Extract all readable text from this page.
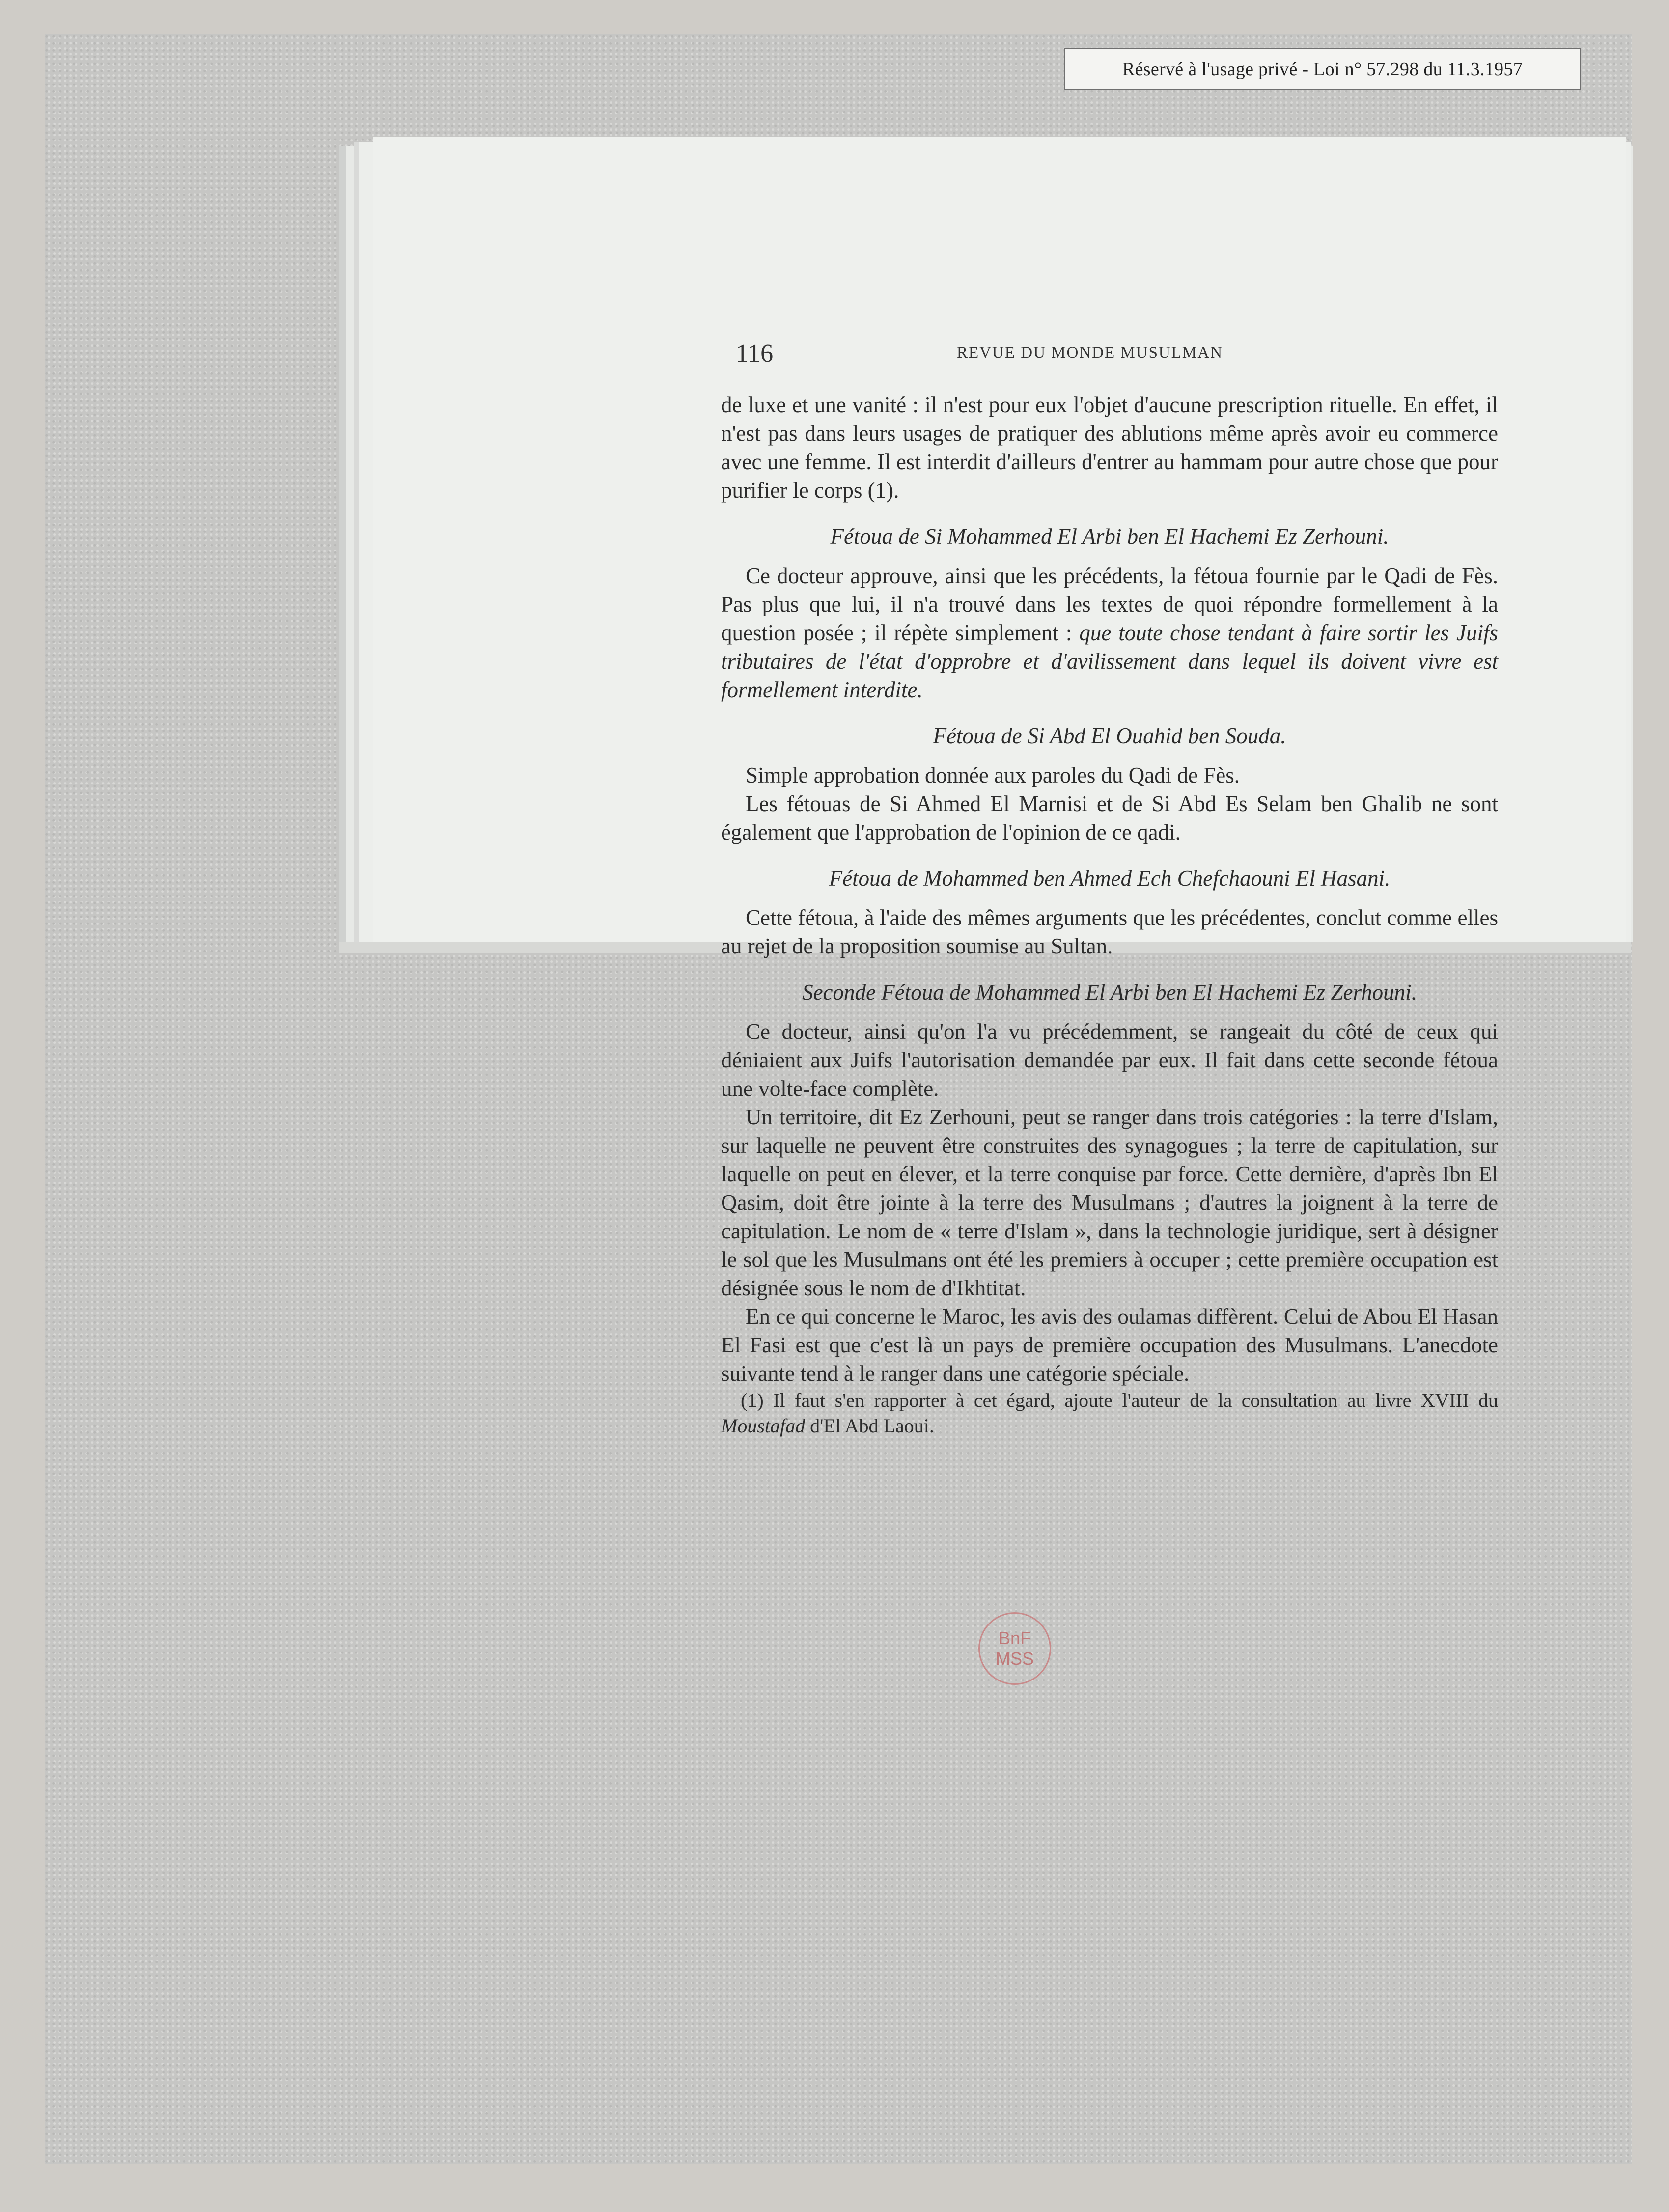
Réservé à l'usage privé - Loi n° 57.298 du 11.3.1957
116	REVUE DU MONDE MUSULMAN

de luxe et une vanité : il n'est pour eux l'objet d'aucune prescription rituelle. En effet, il n'est pas dans leurs usages de pratiquer des ablutions même après avoir eu commerce avec une femme. Il est interdit d'ailleurs d'entrer au hammam pour autre chose que pour purifier le corps (1).

Fétoua de Si Mohammed El Arbi ben El Hachemi Ez Zerhouni.

Ce docteur approuve, ainsi que les précédents, la fétoua fournie par le Qadi de Fès. Pas plus que lui, il n'a trouvé dans les textes de quoi répondre formellement à la question posée ; il répète simplement : que toute chose tendant à faire sortir les Juifs tributaires de l'état d'opprobre et d'avilissement dans lequel ils doivent vivre est formellement interdite.

Fétoua de Si Abd El Ouahid ben Souda.

Simple approbation donnée aux paroles du Qadi de Fès.

Les fétouas de Si Ahmed El Marnisi et de Si Abd Es Selam ben Ghalib ne sont également que l'approbation de l'opinion de ce qadi.

Fétoua de Mohammed ben Ahmed Ech Chefchaouni El Hasani.

Cette fétoua, à l'aide des mêmes arguments que les précédentes, conclut comme elles au rejet de la proposition soumise au Sultan.

Seconde Fétoua de Mohammed El Arbi ben El Hachemi Ez Zerhouni.

Ce docteur, ainsi qu'on l'a vu précédemment, se rangeait du côté de ceux qui déniaient aux Juifs l'autorisation demandée par eux. Il fait dans cette seconde fétoua une volte-face complète.

Un territoire, dit Ez Zerhouni, peut se ranger dans trois catégories : la terre d'Islam, sur laquelle ne peuvent être construites des synagogues ; la terre de capitulation, sur laquelle on peut en élever, et la terre conquise par force. Cette dernière, d'après Ibn El Qasim, doit être jointe à la terre des Musulmans ; d'autres la joignent à la terre de capitulation. Le nom de « terre d'Islam », dans la technologie juridique, sert à désigner le sol que les Musulmans ont été les premiers à occuper ; cette première occupation est désignée sous le nom de d'Ikhtitat.

En ce qui concerne le Maroc, les avis des oulamas diffèrent. Celui de Abou El Hasan El Fasi est que c'est là un pays de première occupation des Musulmans. L'anecdote suivante tend à le ranger dans une catégorie spéciale.

(1) Il faut s'en rapporter à cet égard, ajoute l'auteur de la consultation au livre XVIII du Moustafad d'El Abd Laoui.

BnF
MSS
